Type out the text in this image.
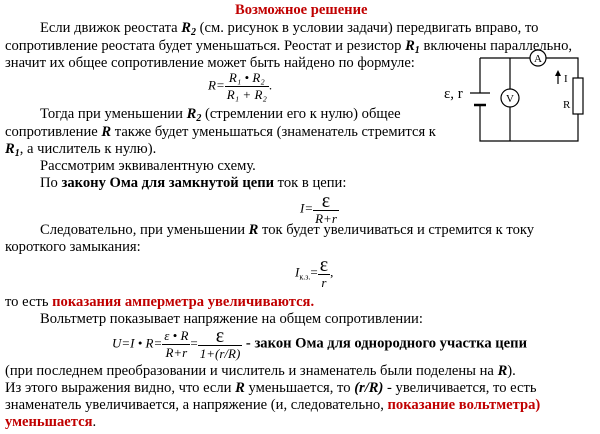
Возможное решение
Если движок реостата $R_2$ (см. рисунок в условии задачи) передвигать вправо, то
сопротивление реостата будет уменьшаться. Реостат и резистор $R_1$ включены параллельно,
значит их общее сопротивление может быть найдено по формуле:
$R= \frac{\text{R₁ • R₂}}{\text{R₁ + R₂}}$ .
Тогда при уменьшении $R_2$ (стремлении его к нулю) общее
сопротивление R также будет уменьшаться (знаменатель стремится к
$R_1$, а числитель к нулю).
Рассмотрим эквивалентную схему.
По закону Ома для замкнутой цепи ток в цепи:
$I= \frac{\varepsilon}{R+r}$
Следовательно, при уменьшении R ток будет увеличиваться и стремится к току
короткого замыкания:
$I_{к.з.}= \frac{\varepsilon}{r}$ ,
то есть показания амперметра увеличиваются.
Вольтметр показывает напряжение на общем сопротивлении:
U=I • $R= \frac{\varepsilon • R}{R+r} = \frac{\varepsilon}{1+(r/R)}$ - закон Ома для однородного участка цепи
(при последнем преобразовании и числитель и знаменатель были поделены на R).
Из этого выражения видно, что если R уменьшается, то (r/R) - увеличивается, то есть
знаменатель увеличивается, а напряжение (и, следовательно, показание вольтметра)
уменьшается.
A
V
ε, r
I
R
